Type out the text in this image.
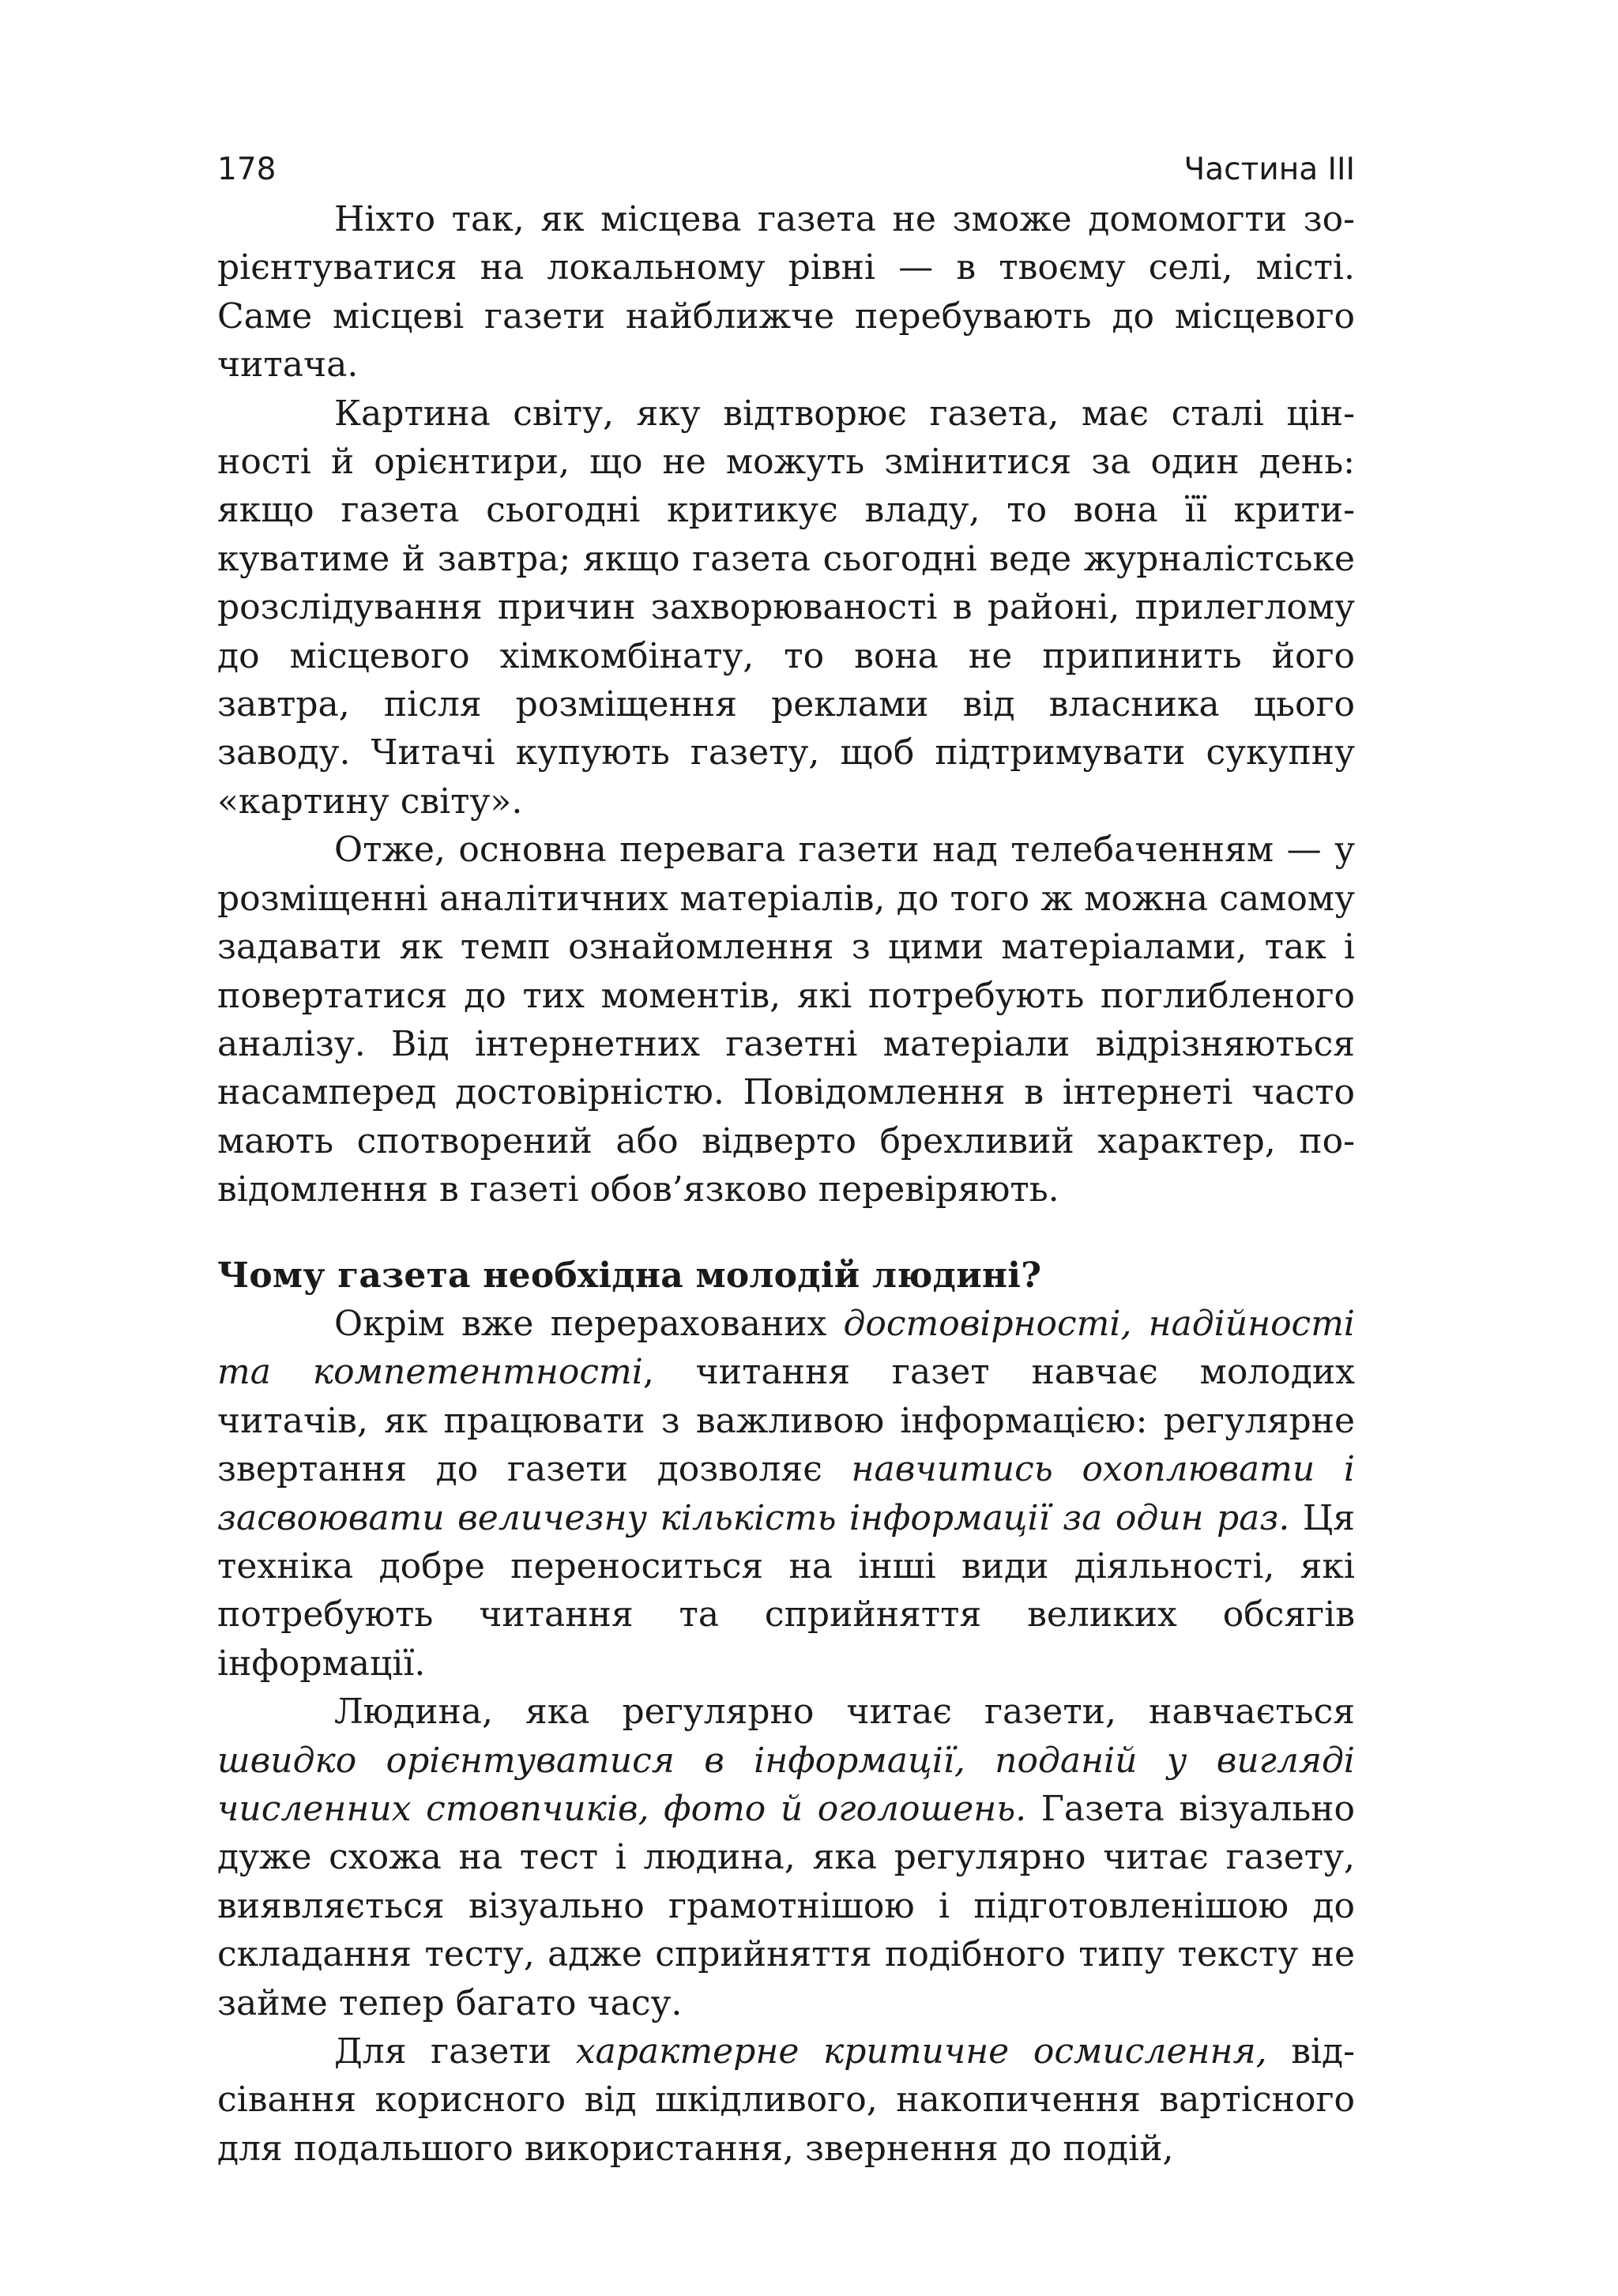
178	Частина III

Ніхто так, як місцева газета не зможе домомогти зорієнтуватися на локальному рівні — в твоєму селі, місті. Саме місцеві газети найближче перебувають до місцевого читача.

Картина світу, яку відтворює газета, має сталі цінності й орієнтири, що не можуть змінитися за один день: якщо газета сьогодні критикує владу, то вона її критикуватиме й завтра; якщо газета сьогодні веде журналістське розслідування причин захворюваності в районі, прилеглому до місцевого хімкомбінату, то вона не припинить його завтра, після розміщення реклами від власника цього заводу. Читачі купують газету, щоб підтримувати сукупну «картину світу».

Отже, основна перевага газети над телебаченням — у розміщенні аналітичних матеріалів, до того ж можна самому задавати як темп ознайомлення з цими матеріалами, так і повертатися до тих моментів, які потребують поглибленого аналізу. Від інтернетних газетні матеріали відрізняються насамперед достовірністю. Повідомлення в інтернеті часто мають спотворений або відверто брехливий характер, повідомлення в газеті обов’язково перевіряють.

Чому газета необхідна молодій людині?

Окрім вже перерахованих достовірності, надійності та компетентності, читання газет навчає молодих читачів, як працювати з важливою інформацією: регулярне звертання до газети дозволяє навчитись охоплювати і засвоювати величезну кількість інформації за один раз. Ця техніка добре переноситься на інші види діяльності, які потребують читання та сприйняття великих обсягів інформації.

Людина, яка регулярно читає газети, навчається швидко орієнтуватися в інформації, поданій у вигляді численних стовпчиків, фото й оголошень. Газета візуально дуже схожа на тест і людина, яка регулярно читає газету, виявляється візуально грамотнішою і підготовленішою до складання тесту, адже сприйняття подібного типу тексту не займе тепер багато часу.

Для газети характерне критичне осмислення, відсівання корисного від шкідливого, накопичення вартісного для подальшого використання, звернення до подій,
